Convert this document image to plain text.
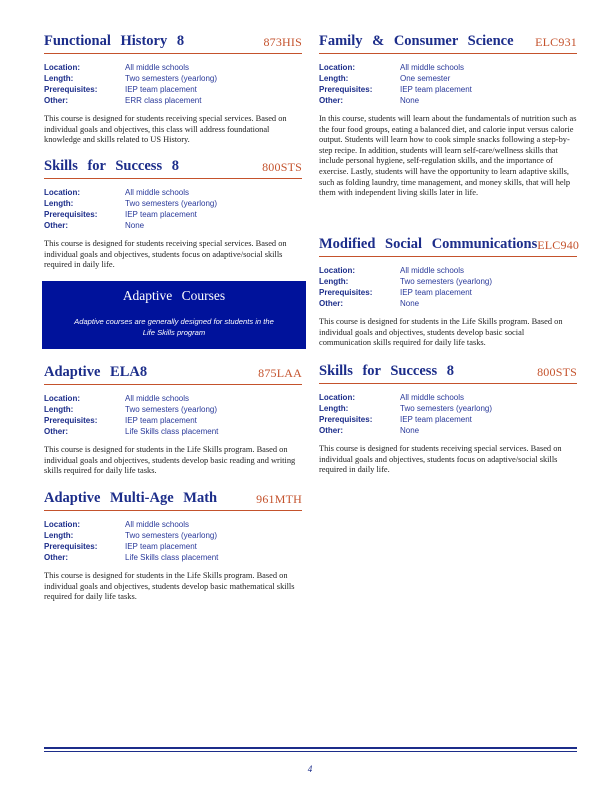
Functional History 8	873HIS
Location:	All middle schools
Length:	Two semesters (yearlong)
Prerequisites:	IEP team placement
Other:	ERR class placement
This course is designed for students receiving special services. Based on individual goals and objectives, this class will address foundational knowledge and skills related to US History.
Skills for Success 8	800STS
Location:	All middle schools
Length:	Two semesters (yearlong)
Prerequisites:	IEP team placement
Other:	None
This course is designed for students receiving special services. Based on individual goals and objectives, students focus on adaptive/social skills required in daily life.
Adaptive ELA8	875LAA
Location:	All middle schools
Length:	Two semesters (yearlong)
Prerequisites:	IEP team placement
Other:	Life Skills class placement
This course is designed for students in the Life Skills program. Based on individual goals and objectives, students develop basic reading and writing skills required for daily life tasks.
Adaptive Multi-Age Math	961MTH
Location:	All middle schools
Length:	Two semesters (yearlong)
Prerequisites:	IEP team placement
Other:	Life Skills class placement
This course is designed for students in the Life Skills program. Based on individual goals and objectives, students develop basic mathematical skills required for daily life tasks.
Adaptive Courses
Adaptive courses are generally designed for students in the Life Skills program
Family & Consumer Science ELC931
Location:	All middle schools
Length:	One semester
Prerequisites:	IEP team placement
Other:	None
In this course, students will learn about the fundamentals of nutrition such as the four food groups, eating a balanced diet, and calorie input versus calorie output. Students will learn how to cook simple snacks following a step-by-step recipe. In addition, students will learn self-care/wellness skills that include personal hygiene, self-regulation skills, and the importance of exercise. Lastly, students will have the opportunity to learn adaptive skills, such as folding laundry, time management, and money skills, that will help them with independent living skills later in life.
Modified Social Communications ELC940
Location:	All middle schools
Length:	Two semesters (yearlong)
Prerequisites:	IEP team placement
Other:	None
This course is designed for students in the Life Skills program. Based on individual goals and objectives, students develop basic social communication skills required for daily life tasks.
Skills for Success 8	800STS
Location:	All middle schools
Length:	Two semesters (yearlong)
Prerequisites:	IEP team placement
Other:	None
This course is designed for students receiving special services. Based on individual goals and objectives, students focus on adaptive/social skills required in daily life.
4
